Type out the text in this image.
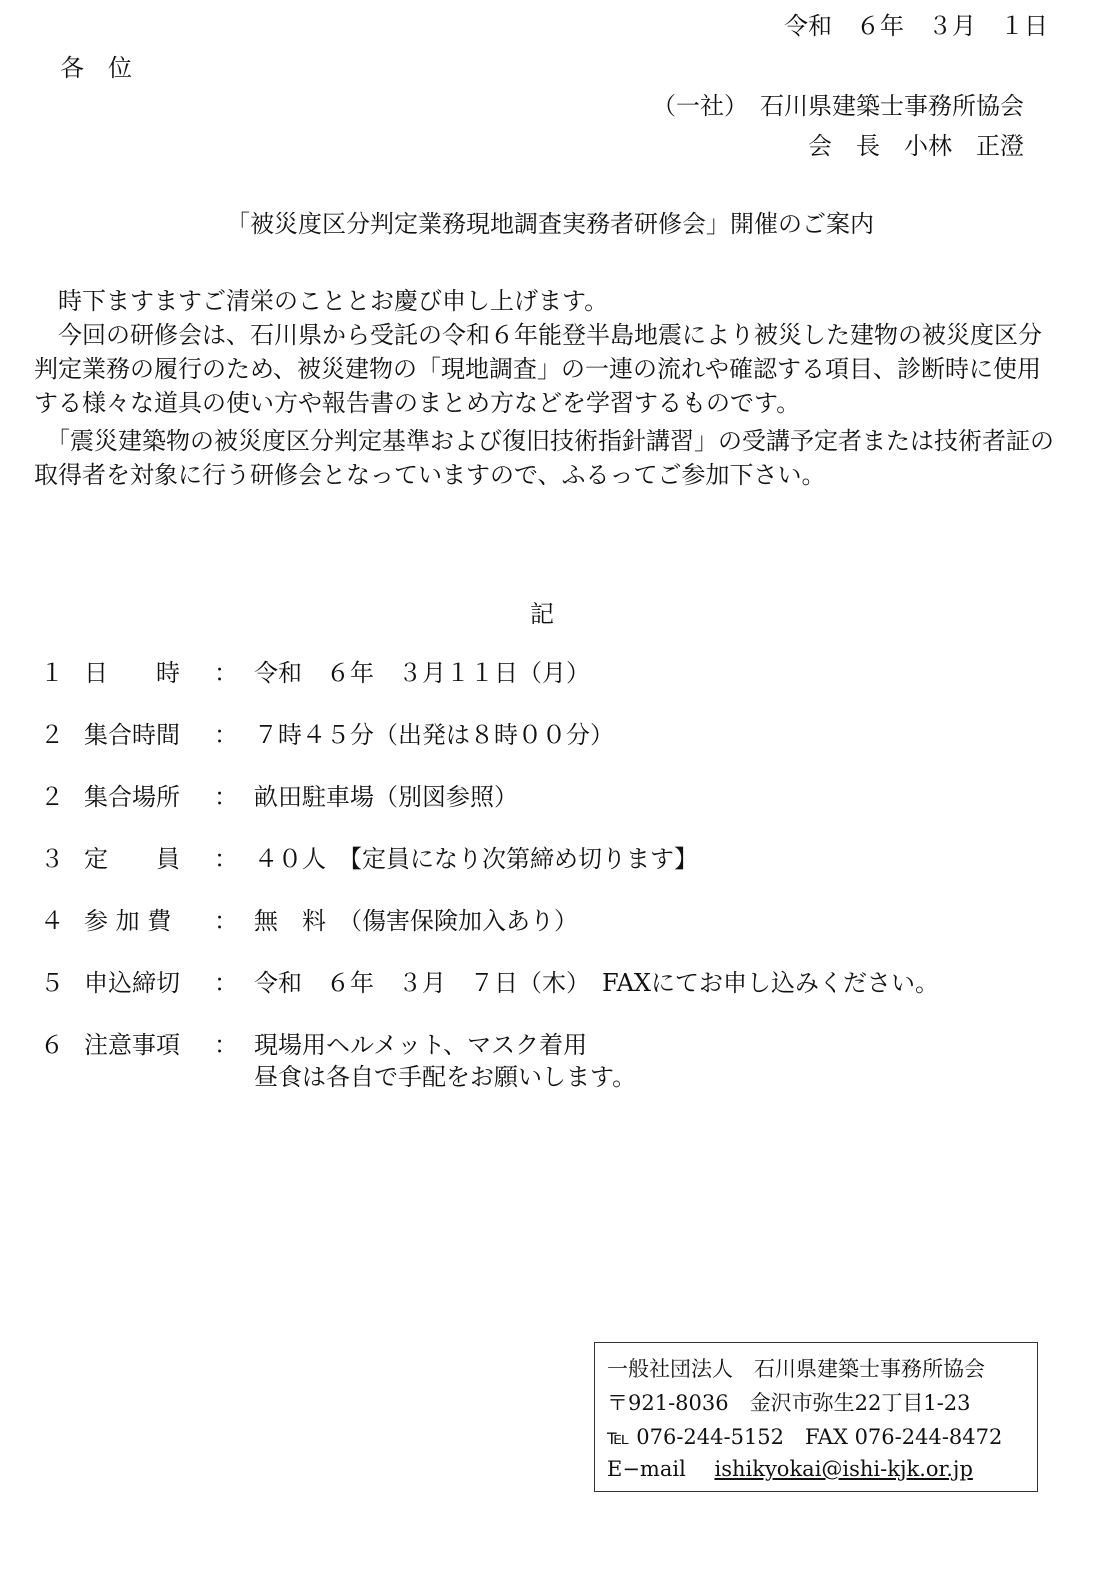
令和　６年　３月　１日
各　位
（一社）　石川県建築士事務所協会
会　長　小林　正澄
「被災度区分判定業務現地調査実務者研修会」開催のご案内
　時下ますますご清栄のこととお慶び申し上げます。
　今回の研修会は、石川県から受託の令和６年能登半島地震により被災した建物の被災度区分判定業務の履行のため、被災建物の「現地調査」の一連の流れや確認する項目、診断時に使用する様々な道具の使い方や報告書のまとめ方などを学習するものです。
　「震災建築物の被災度区分判定基準および復旧技術指針講習」の受講予定者または技術者証の取得者を対象に行う研修会となっていますので、ふるってご参加下さい。
記
１ 日　　時 ： 令和　６年　３月１１日（月）
２ 集合時間 ： ７時４５分（出発は８時００分）
２ 集合場所 ： 畝田駐車場（別図参照）
３ 定　　員 ： ４０人　【定員になり次第締め切ります】
４ 参 加 費 ： 無　料　（傷害保険加入あり）
５ 申込締切 ： 令和　６年　３月　７日（木）　FAXにてお申し込みください。
６ 注意事項 ： 現場用ヘルメット、マスク着用
昼食は各自で手配をお願いします。
一般社団法人　石川県建築士事務所協会
〒921-8036　金沢市弥生22丁目1-23
℡ 076-244-5152　FAX 076-244-8472
E−mail ishikyokai@ishi-kjk.or.jp
